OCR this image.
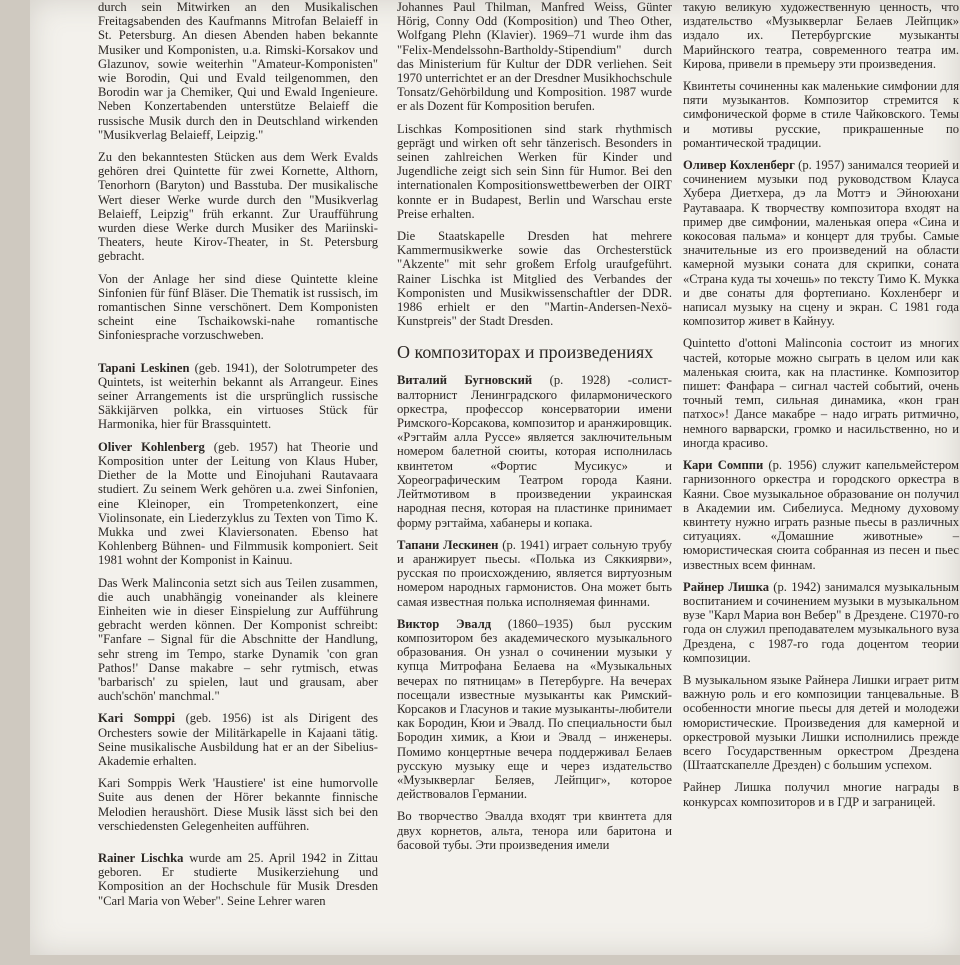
durch sein Mitwirken an den Musikalischen Freitagsabenden des Kaufmanns Mitrofan Belaieff in St. Petersburg. An diesen Abenden haben bekannte Musiker und Komponisten, u.a. Rimski-Korsakov und Glazunov, sowie weiterhin "Amateur-Komponisten" wie Borodin, Qui und Evald teilgenommen, den Borodin war ja Chemiker, Qui und Ewald Ingenieure. Neben Konzertabenden unterstütze Belaieff die russische Musik durch den in Deutschland wirkenden "Musikverlag Belaieff, Leipzig."

Zu den bekanntesten Stücken aus dem Werk Evalds gehören drei Quintette für zwei Kornette, Althorn, Tenorhorn (Baryton) und Basstuba. Der musikalische Wert dieser Werke wurde durch den "Musikverlag Belaieff, Leipzig" früh erkannt. Zur Uraufführung wurden diese Werke durch Musiker des Mariinski-Theaters, heute Kirov-Theater, in St. Petersburg gebracht.

Von der Anlage her sind diese Quintette kleine Sinfonien für fünf Bläser. Die Thematik ist russisch, im romantischen Sinne verschönert. Dem Komponisten scheint eine Tschaikowski-nahe romantische Sinfoniesprache vorzuschweben.

Tapani Leskinen (geb. 1941), der Solotrumpeter des Quintets, ist weiterhin bekannt als Arrangeur. Eines seiner Arrangements ist die ursprünglich russische Säkkijärven polkka, ein virtuoses Stück für Harmonika, hier für Brassquintett.

Oliver Kohlenberg (geb. 1957) hat Theorie und Komposition unter der Leitung von Klaus Huber, Diether de la Motte und Einojuhani Rautavaara studiert. Zu seinem Werk gehören u.a. zwei Sinfonien, eine Kleinoper, ein Trompetenkonzert, eine Violinsonate, ein Liederzyklus zu Texten von Timo K. Mukka und zwei Klaviersonaten. Ebenso hat Kohlenberg Bühnen- und Filmmusik komponiert. Seit 1981 wohnt der Komponist in Kainuu.

Das Werk Malinconia setzt sich aus Teilen zusammen, die auch unabhängig voneinander als kleinere Einheiten wie in dieser Einspielung zur Aufführung gebracht werden können. Der Komponist schreibt: "Fanfare – Signal für die Abschnitte der Handlung, sehr streng im Tempo, starke Dynamik 'con gran Pathos!' Danse makabre – sehr rytmisch, etwas 'barbarisch' zu spielen, laut und grausam, aber auch'schön' manchmal."

Kari Somppi (geb. 1956) ist als Dirigent des Orchesters sowie der Militärkapelle in Kajaani tätig. Seine musikalische Ausbildung hat er an der Sibelius-Akademie erhalten.

Kari Somppis Werk 'Haustiere' ist eine humorvolle Suite aus denen der Hörer bekannte finnische Melodien heraushört. Diese Musik lässt sich bei den verschiedensten Gelegenheiten aufführen.

Rainer Lischka wurde am 25. April 1942 in Zittau geboren. Er studierte Musikerziehung und Komposition an der Hochschule für Musik Dresden "Carl Maria von Weber". Seine Lehrer waren

Johannes Paul Thilman, Manfred Weiss, Günter Hörig, Conny Odd (Komposition) und Theo Other, Wolfgang Plehn (Klavier). 1969–71 wurde ihm das "Felix-Mendelssohn-Bartholdy-Stipendium" durch das Ministerium für Kultur der DDR verliehen. Seit 1970 unterrichtet er an der Dresdner Musikhochschule Tonsatz/Gehörbildung und Komposition. 1987 wurde er als Dozent für Komposition berufen.

Lischkas Kompositionen sind stark rhythmisch geprägt und wirken oft sehr tänzerisch. Besonders in seinen zahlreichen Werken für Kinder und Jugendliche zeigt sich sein Sinn für Humor. Bei den internationalen Kompositionswettbewerben der OIRT konnte er in Budapest, Berlin und Warschau erste Preise erhalten.

Die Staatskapelle Dresden hat mehrere Kammermusikwerke sowie das Orchesterstück "Akzente" mit sehr großem Erfolg uraufgeführt. Rainer Lischka ist Mitglied des Verbandes der Komponisten und Musikwissenschaftler der DDR. 1986 erhielt er den "Martin-Andersen-Nexö-Kunstpreis" der Stadt Dresden.

О композиторах и произведениях

Виталий Бугновский (р. 1928) -солист-валторнист Ленинградского филармонического оркестра, профессор консерватории имени Римского-Корсакова, композитор и аранжировщик. «Рэгтайм алла Руссе» является заключительным номером балетной сюиты, которая исполнилась квинтетом «Фортис Мусикус» и Хореографическим Театром города Каяни. Лейтмотивом в произведении украинская народная песня, которая на пластинке принимает форму рэгтайма, хабанеры и копака.

Тапани Лескинен (р. 1941) играет сольную трубу и аранжирует пьесы. «Полька из Сяккиярви», русская по происхождению, является виртуозным номером народных гармонистов. Она может быть самая известная полька исполняемая финнами.

Виктор Эвалд (1860–1935) был русским композитором без академического музыкального образования. Он узнал о сочинении музыки у купца Митрофана Белаева на «Музыкальных вечерах по пятницам» в Петербурге. На вечерах посещали известные музыканты как Римский-Корсаков и Гласунов и такие музыканты-любители как Бородин, Кюи и Эвалд. По специальности был Бородин химик, а Кюи и Эвалд – инженеры. Помимо концертные вечера поддерживал Белаев русскую музыку еще и через издательство «Музыкверлаг Беляев, Лейпциг», которое действовалов Германии.

Во творчество Эвалда входят три квинтета для двух корнетов, альта, тенора или баритона и басовой тубы. Эти произведения имели

такую великую художественную ценность, что издательство «Музыкверлаг Белаев Лейпцик» издало их. Петербургские музыканты Марийнского театра, современного театра им. Кирова, привели в премьеру эти произведения.

Квинтеты сочиненны как маленькие симфонии для пяти музыкантов. Композитор стремится к симфонической форме в стиле Чайковского. Темы и мотивы русские, прикрашенные по романтической традиции.

Оливер Кохленберг (р. 1957) занимался теорией и сочинением музыки под руководством Клауса Хубера Диетхера, дэ ла Моттэ и Эйноюхани Раутаваара. К творчеству композитора входят на пример две симфонии, маленькая опера «Сина и кокосовая пальма» и концерт для трубы. Самые значительные из его произведений на области камерной музыки соната для скрипки, соната «Страна куда ты хочешь» по тексту Тимо К. Мукка и две сонаты для фортепиано. Кохленберг и написал музыку на сцену и экран. С 1981 года композитор живет в Кайнуу.

Quintetto d'ottoni Malinconia состоит из многих частей, которые можно сыграть в целом или как маленькая сюита, как на пластинке. Композитор пишет: Фанфара – сигнал частей событий, очень точный темп, сильная динамика, «кон гран патхос»! Дансе макабре – надо играть ритмично, немного варварски, громко и насильственно, но и иногда красиво.

Кари Сомппи (р. 1956) служит капельмейстером гарнизонного оркестра и городского оркестра в Каяни. Свое музыкальное образование он получил в Академии им. Сибелиуса. Медному духовому квинтету нужно играть разные пьесы в различных ситуациях. «Домашние животные» – юмористическая сюита собранная из песен и пьес известных всем финнам.

Райнер Лишка (р. 1942) занимался музыкальным воспитанием и сочинением музыки в музыкальном вузе "Карл Мариа вон Вебер" в Дрездене. С1970-го года он служил преподавателем музыкального вуза Дрездена, с 1987-го года доцентом теории композиции.

В музыкальном языке Райнера Лишки играет ритм важную роль и его композиции танцевальные. В особенности многие пьесы для детей и молодежи юмористические. Произведения для камерной и оркестровой музыки Лишки исполнились прежде всего Государственным оркестром Дрездена (Штаатскапелле Дрезден) с большим успехом.

Райнер Лишка получил многие награды в конкурсах композиторов и в ГДР и заграницей.
